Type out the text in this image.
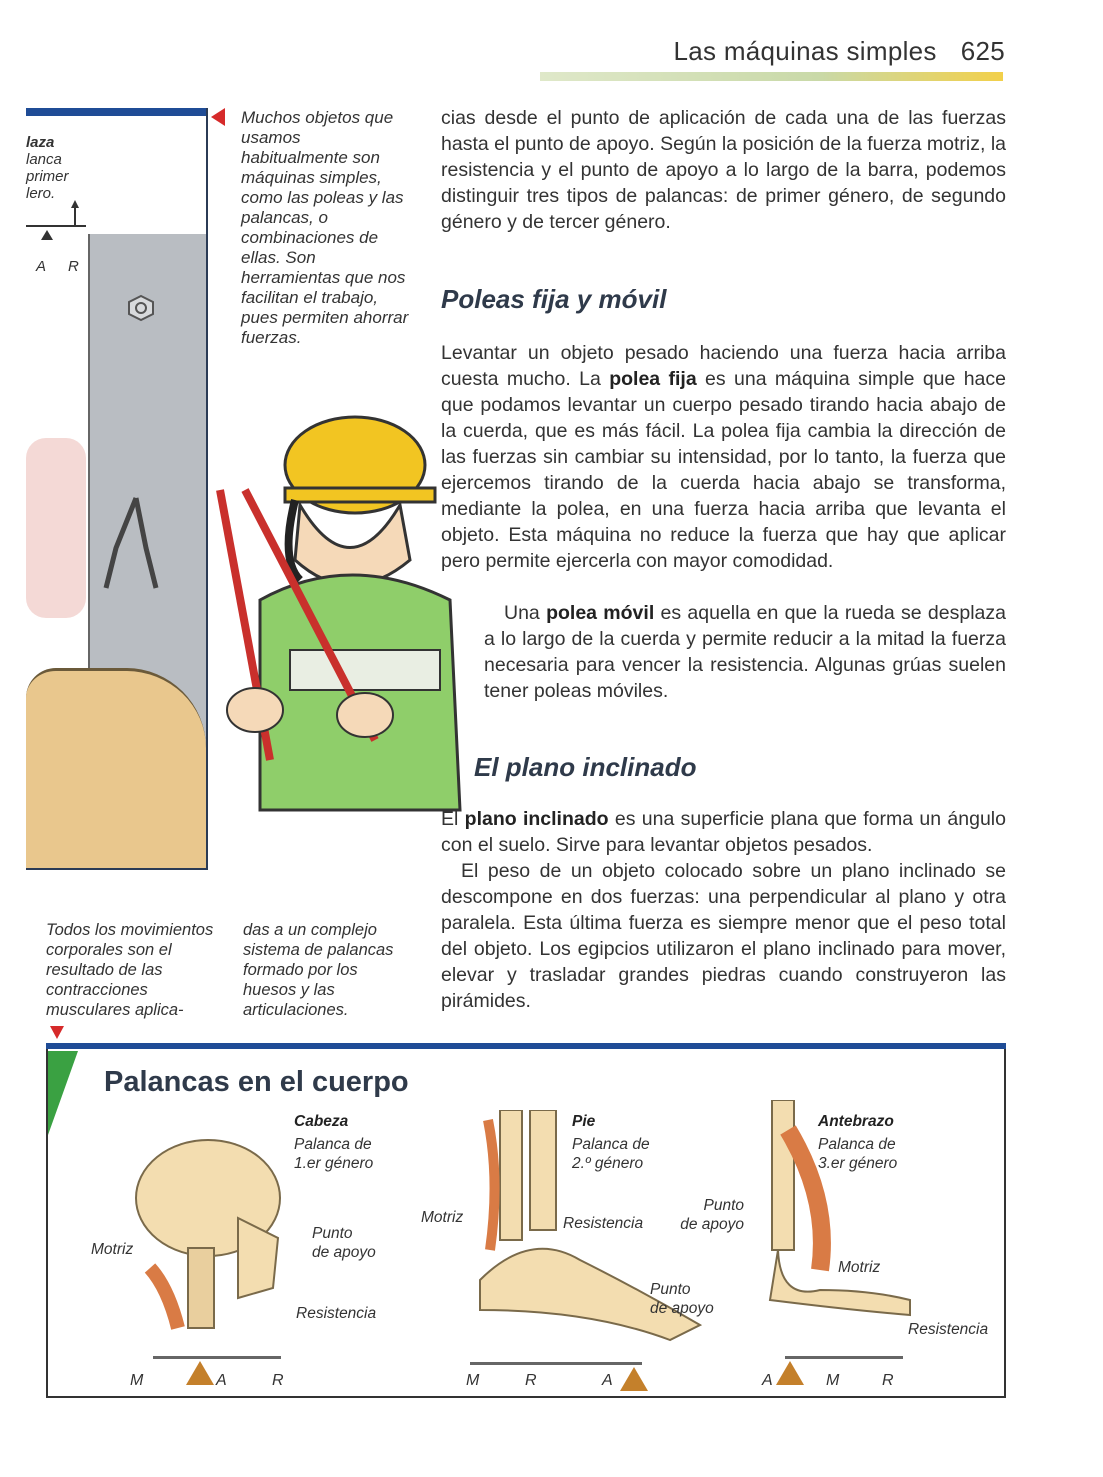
Las máquinas simples 625
laza
lanca
primer
lero.
A R
Muchos objetos que usamos habitualmente son máquinas simples, como las poleas y las palancas, o combinaciones de ellas. Son herramientas que nos facilitan el trabajo, pues permiten ahorrar fuerzas.
cias desde el punto de aplicación de cada una de las fuerzas hasta el punto de apoyo. Según la posición de la fuerza motriz, la resistencia y el punto de apoyo a lo largo de la barra, podemos distinguir tres tipos de palancas: de primer género, de segundo género y de tercer género.
Poleas fija y móvil

Levantar un objeto pesado haciendo una fuerza hacia arriba cuesta mucho. La polea fija es una máquina simple que hace que podamos levantar un cuerpo pesado tirando hacia abajo de la cuerda, que es más fácil. La polea fija cambia la dirección de las fuerzas sin cambiar su intensidad, por lo tanto, la fuerza que ejercemos tirando de la cuerda hacia abajo se transforma, mediante la polea, en una fuerza hacia arriba que levanta el objeto. Esta máquina no reduce la fuerza que hay que aplicar pero permite ejercerla con mayor comodidad.

Una polea móvil es aquella en que la rueda se desplaza a lo largo de la cuerda y permite reducir a la mitad la fuerza necesaria para vencer la resistencia. Algunas grúas suelen tener poleas móviles.

El plano inclinado

El plano inclinado es una superficie plana que forma un ángulo con el suelo. Sirve para levantar objetos pesados.

El peso de un objeto colocado sobre un plano inclinado se descompone en dos fuerzas: una perpendicular al plano y otra paralela. Esta última fuerza es siempre menor que el peso total del objeto. Los egipcios utilizaron el plano inclinado para mover, elevar y trasladar grandes piedras cuando construyeron las pirámides.
Todos los movimientos corporales son el resultado de las contracciones musculares aplica-
das a un complejo sistema de palancas formado por los huesos y las articulaciones.
Palancas en el cuerpo
Cabeza
Palanca de
1.er género
Motriz
Punto
de apoyo
Resistencia
M	A	R
Pie
Palanca de
2.º género
Motriz	Resistencia
Punto
de apoyo
M	R	A
Antebrazo
Palanca de
3.er género
Punto
de apoyo
Motriz
Resistencia
A	M	R
